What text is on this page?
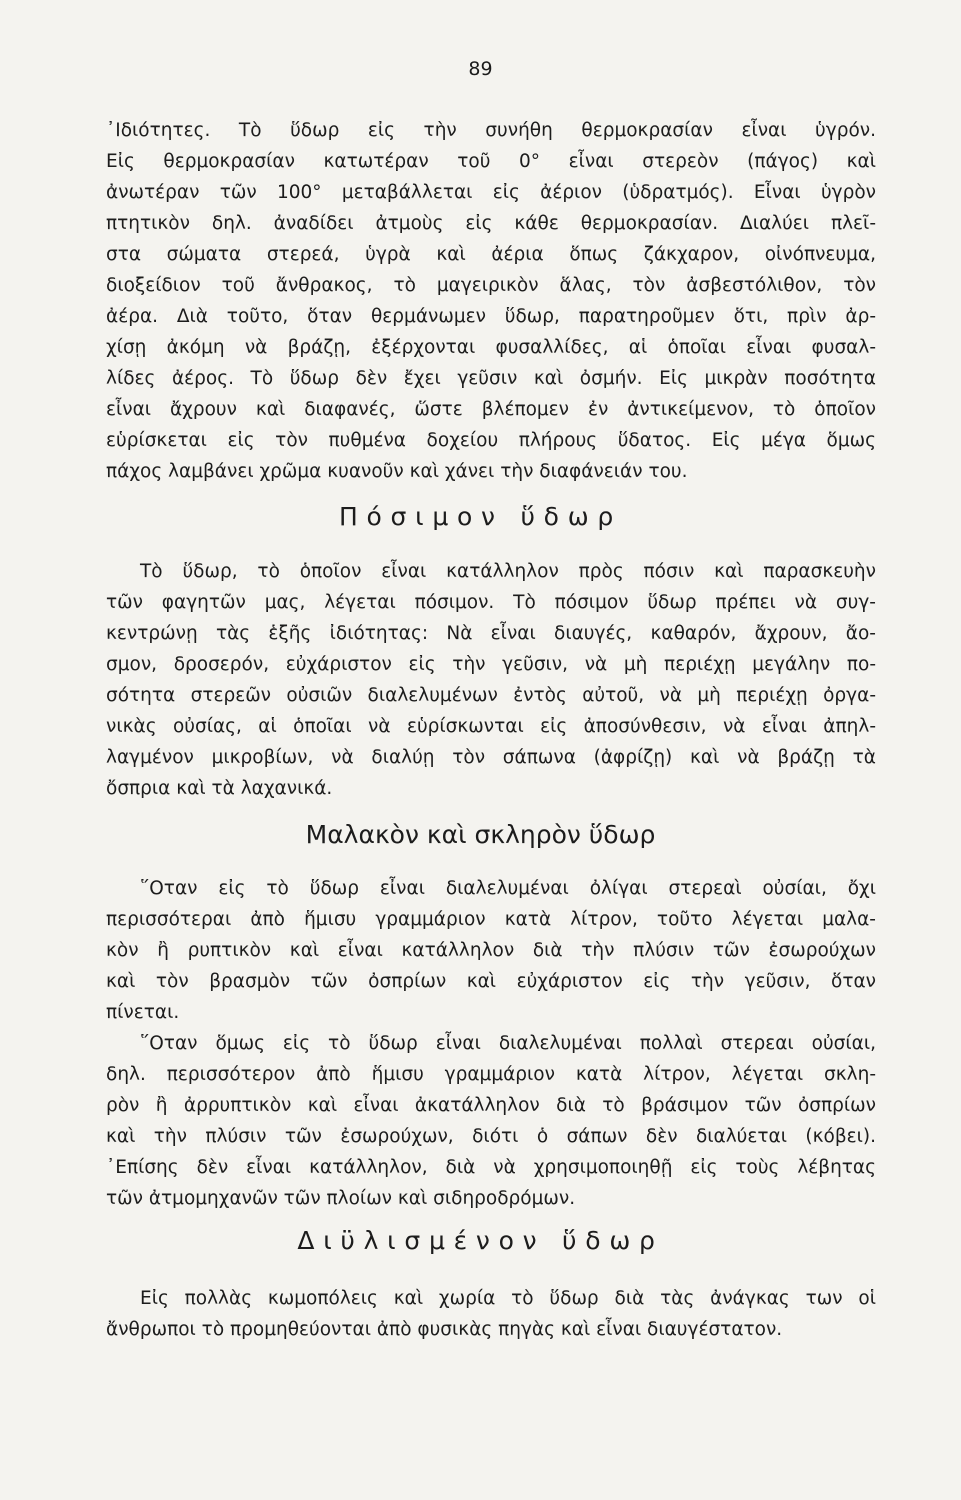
89
᾿Ιδιότητες. Τὸ ὕδωρ εἰς τὴν συνήθη θερμοκρασίαν εἶναι ὑγρόν.
Εἰς θερμοκρασίαν κατωτέραν τοῦ 0° εἶναι στερεὸν (πάγος) καὶ
ἀνωτέραν τῶν 100° μεταβάλλεται εἰς ἀέριον (ὑδρατμός). Εἶναι ὑγρὸν
πτητικὸν δηλ. ἀναδίδει ἀτμοὺς εἰς κάθε θερμοκρασίαν. Διαλύει πλεῖ-
στα σώματα στερεά, ὑγρὰ καὶ ἀέρια ὅπως ζάκχαρον, οἰνόπνευμα,
διοξείδιον τοῦ ἄνθρακος, τὸ μαγειρικὸν ἅλας, τὸν ἀσβεστόλιθον, τὸν
ἀέρα. Διὰ τοῦτο, ὅταν θερμάνωμεν ὕδωρ, παρατηροῦμεν ὅτι, πρὶν ἀρ-
χίσῃ ἀκόμη νὰ βράζῃ, ἐξέρχονται φυσαλλίδες, αἱ ὁποῖαι εἶναι φυσαλ-
λίδες ἀέρος. Τὸ ὕδωρ δὲν ἔχει γεῦσιν καὶ ὀσμήν. Εἰς μικρὰν ποσότητα
εἶναι ἄχρουν καὶ διαφανές, ὥστε βλέπομεν ἐν ἀντικείμενον, τὸ ὁποῖον
εὑρίσκεται εἰς τὸν πυθμένα δοχείου πλήρους ὕδατος. Εἰς μέγα ὅμως
πάχος λαμβάνει χρῶμα κυανοῦν καὶ χάνει τὴν διαφάνειάν του.
Πόσιμον ὕδωρ
Τὸ ὕδωρ, τὸ ὁποῖον εἶναι κατάλληλον πρὸς πόσιν καὶ παρασκευὴν
τῶν φαγητῶν μας, λέγεται πόσιμον. Τὸ πόσιμον ὕδωρ πρέπει νὰ συγ-
κεντρώνῃ τὰς ἑξῆς ἰδιότητας: Νὰ εἶναι διαυγές, καθαρόν, ἄχρουν, ἄο-
σμον, δροσερόν, εὐχάριστον εἰς τὴν γεῦσιν, νὰ μὴ περιέχῃ μεγάλην πο-
σότητα στερεῶν οὐσιῶν διαλελυμένων ἐντὸς αὐτοῦ, νὰ μὴ περιέχῃ ὀργα-
νικὰς οὐσίας, αἱ ὁποῖαι νὰ εὑρίσκωνται εἰς ἀποσύνθεσιν, νὰ εἶναι ἀπηλ-
λαγμένον μικροβίων, νὰ διαλύῃ τὸν σάπωνα (ἀφρίζῃ) καὶ νὰ βράζῃ τὰ
ὄσπρια καὶ τὰ λαχανικά.
Μαλακὸν καὶ σκληρὸν ὕδωρ
῞Οταν εἰς τὸ ὕδωρ εἶναι διαλελυμέναι ὀλίγαι στερεαὶ οὐσίαι, ὄχι
περισσότεραι ἀπὸ ἥμισυ γραμμάριον κατὰ λίτρον, τοῦτο λέγεται μαλα-
κὸν ἢ ρυπτικὸν καὶ εἶναι κατάλληλον διὰ τὴν πλύσιν τῶν ἐσωρούχων
καὶ τὸν βρασμὸν τῶν ὀσπρίων καὶ εὐχάριστον εἰς τὴν γεῦσιν, ὅταν
πίνεται.
῞Οταν ὅμως εἰς τὸ ὕδωρ εἶναι διαλελυμέναι πολλαὶ στερεαι οὐσίαι,
δηλ. περισσότερον ἀπὸ ἥμισυ γραμμάριον κατὰ λίτρον, λέγεται σκλη-
ρὸν ἢ ἀρρυπτικὸν καὶ εἶναι ἀκατάλληλον διὰ τὸ βράσιμον τῶν ὀσπρίων
καὶ τὴν πλύσιν τῶν ἐσωρούχων, διότι ὁ σάπων δὲν διαλύεται (κόβει).
᾿Επίσης δὲν εἶναι κατάλληλον, διὰ νὰ χρησιμοποιηθῇ εἰς τοὺς λέβητας
τῶν ἀτμομηχανῶν τῶν πλοίων καὶ σιδηροδρόμων.
Διϋλισμένον ὕδωρ
Εἰς πολλὰς κωμοπόλεις καὶ χωρία τὸ ὕδωρ διὰ τὰς ἀνάγκας των οἱ
ἄνθρωποι τὸ προμηθεύονται ἀπὸ φυσικὰς πηγὰς καὶ εἶναι διαυγέστατον.
